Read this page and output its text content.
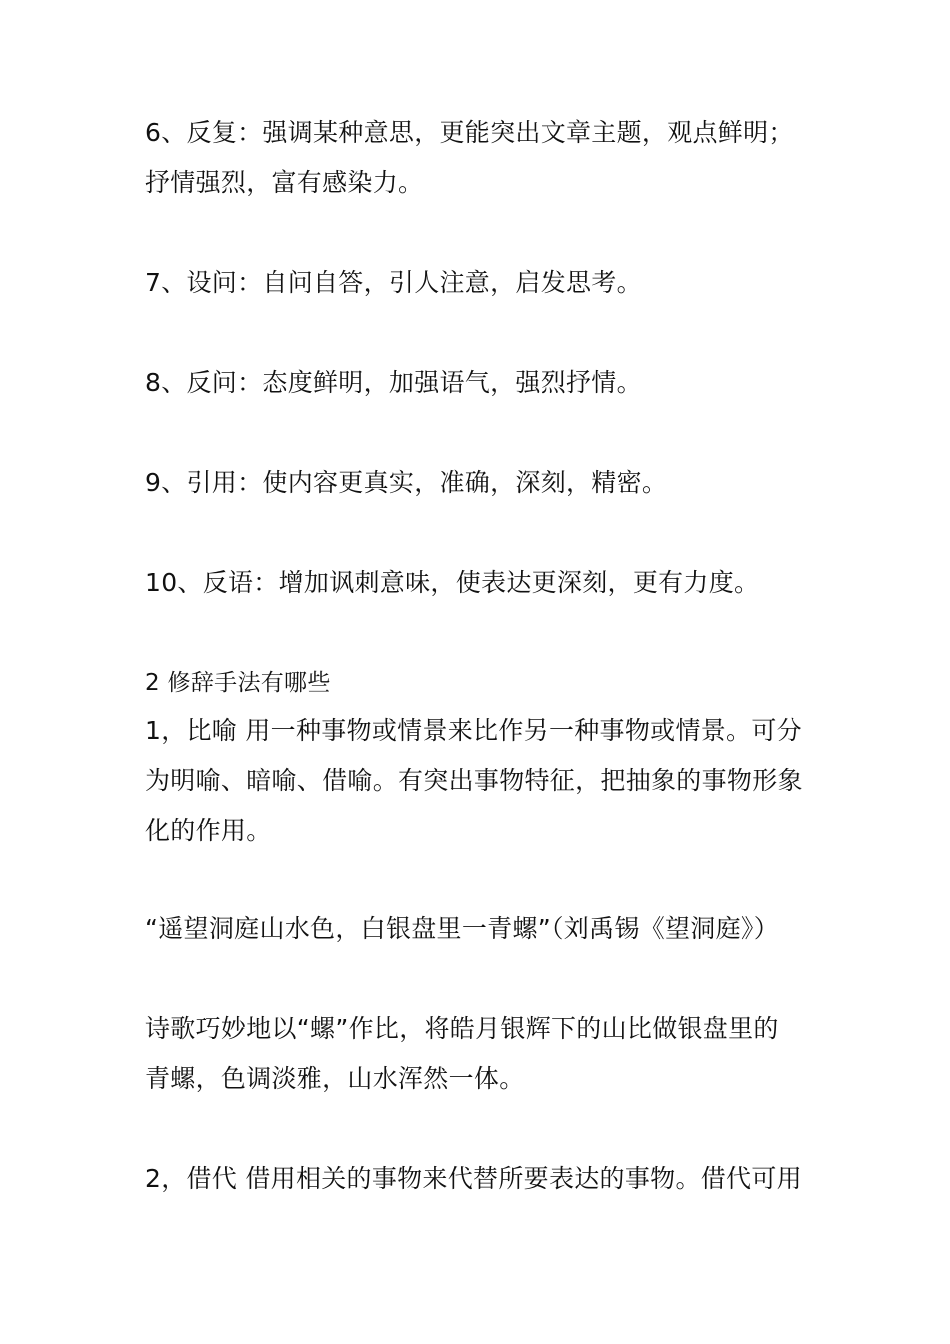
6、反复：强调某种意思，更能突出文章主题，观点鲜明；
抒情强烈，富有感染力。
7、设问：自问自答，引人注意，启发思考。
8、反问：态度鲜明，加强语气，强烈抒情。
9、引用：使内容更真实，准确，深刻，精密。
10、反语：增加讽刺意味，使表达更深刻，更有力度。
2 修辞手法有哪些
1，比喻 用一种事物或情景来比作另一种事物或情景。可分
为明喻、暗喻、借喻。有突出事物特征，把抽象的事物形象
化的作用。
“遥望洞庭山水色，白银盘里一青螺”（刘禹锡《望洞庭》）
诗歌巧妙地以“螺”作比，将皓月银辉下的山比做银盘里的
青螺，色调淡雅，山水浑然一体。
2，借代 借用相关的事物来代替所要表达的事物。借代可用
